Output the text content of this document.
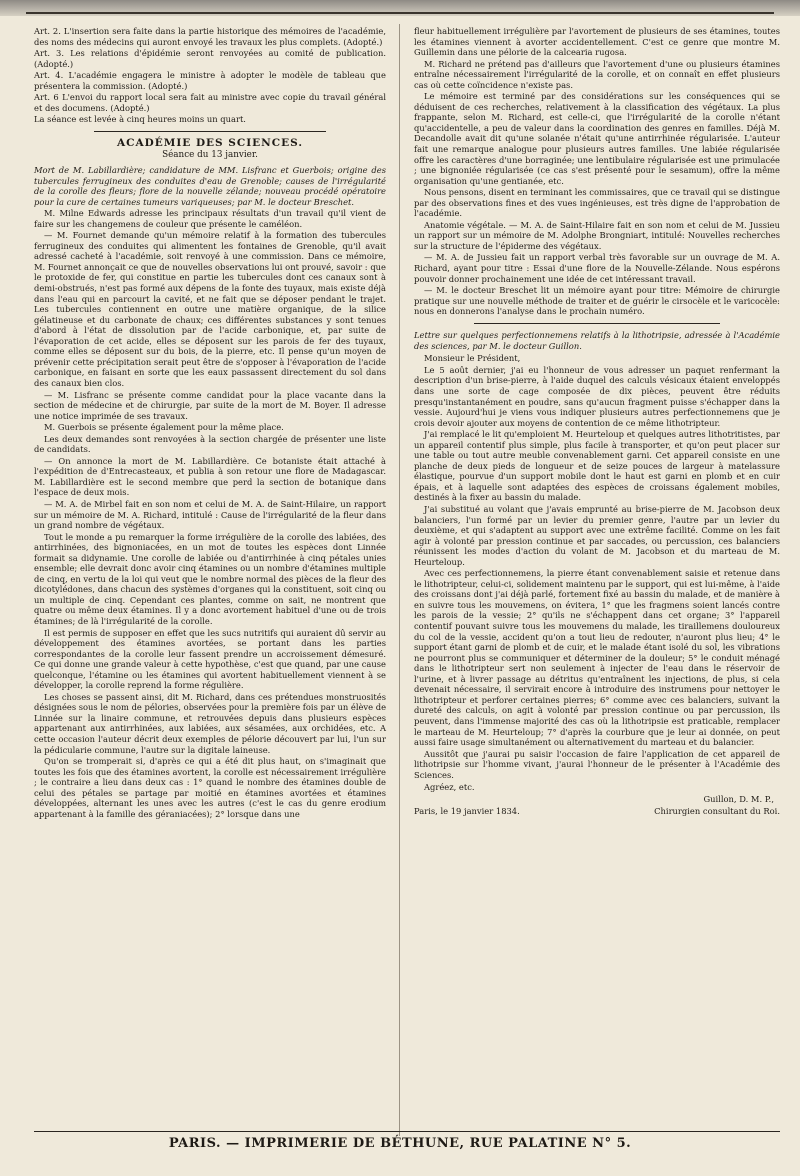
Art. 2. L'insertion sera faite dans la partie historique des mémoires de l'académie, des noms des médecins qui auront envoyé les travaux les plus complets. (Adopté.)

Art. 3. Les relations d'épidémie seront renvoyées au comité de publication. (Adopté.)

Art. 4. L'académie engagera le ministre à adopter le modèle de tableau que présentera la commission. (Adopté.)

Art. 6 L'envoi du rapport local sera fait au ministre avec copie du travail général et des documens. (Adopté.)

La séance est levée à cinq heures moins un quart.

ACADÉMIE DES SCIENCES.
Séance du 13 janvier.

Mort de M. Labillardière; candidature de MM. Lisfranc et Guerbois; origine des tubercules ferrugineux des conduites d'eau de Grenoble; causes de l'irrégularité de la corolle des fleurs; flore de la nouvelle zélande; nouveau procédé opératoire pour la cure de certaines tumeurs variqueuses; par M. le docteur Breschet.

M. Milne Edwards adresse les principaux résultats d'un travail qu'il vient de faire sur les changemens de couleur que présente le caméléon.

— M. Fournet demande qu'un mémoire relatif à la formation des tubercules ferrugineux des conduites qui alimentent les fontaines de Grenoble, qu'il avait adressé cacheté à l'académie, soit renvoyé à une commission. Dans ce mémoire, M. Fournet annonçait ce que de nouvelles observations lui ont prouvé, savoir : que le protoxide de fer, qui constitue en partie les tubercules dont ces canaux sont à demi-obstrués, n'est pas formé aux dépens de la fonte des tuyaux, mais existe déjà dans l'eau qui en parcourt la cavité, et ne fait que se déposer pendant le trajet. Les tubercules contiennent en outre une matière organique, de la silice gélatineuse et du carbonate de chaux; ces différentes substances y sont tenues d'abord à l'état de dissolution par de l'acide carbonique, et, par suite de l'évaporation de cet acide, elles se déposent sur les parois de fer des tuyaux, comme elles se déposent sur du bois, de la pierre, etc. Il pense qu'un moyen de prévenir cette précipitation serait peut être de s'opposer à l'évaporation de l'acide carbonique, en faisant en sorte que les eaux passassent directement du sol dans des canaux bien clos.

— M. Lisfranc se présente comme candidat pour la place vacante dans la section de médecine et de chirurgie, par suite de la mort de M. Boyer. Il adresse une notice imprimée de ses travaux.

M. Guerbois se présente également pour la même place.

Les deux demandes sont renvoyées à la section chargée de présenter une liste de candidats.

— On annonce la mort de M. Labillardière. Ce botaniste était attaché à l'expédition de d'Entrecasteaux, et publia à son retour une flore de Madagascar. M. Labillardière est le second membre que perd la section de botanique dans l'espace de deux mois.

— M. A. de Mirbel fait en son nom et celui de M. A. de Saint-Hilaire, un rapport sur un mémoire de M. A. Richard, intitulé : Cause de l'irrégularité de la fleur dans un grand nombre de végétaux.

Tout le monde a pu remarquer la forme irrégulière de la corolle des labiées, des antirrhinées, des bignoniacées, en un mot de toutes les espèces dont Linnée formait sa didynamie. Une corolle de labiée ou d'antirrhinée à cinq pétales unies ensemble; elle devrait donc avoir cinq étamines ou un nombre d'étamines multiple de cinq, en vertu de la loi qui veut que le nombre normal des pièces de la fleur des dicotylédones, dans chacun des systèmes d'organes qui la constituent, soit cinq ou un multiple de cinq. Cependant ces plantes, comme on sait, ne montrent que quatre ou même deux étamines. Il y a donc avortement habituel d'une ou de trois étamines; de là l'irrégularité de la corolle.

Il est permis de supposer en effet que les sucs nutritifs qui auraient dû servir au développement des étamines avortées, se portant dans les parties correspondantes de la corolle leur fassent prendre un accroissement démesuré. Ce qui donne une grande valeur à cette hypothèse, c'est que quand, par une cause quelconque, l'étamine ou les étamines qui avortent habituellement viennent à se développer, la corolle reprend la forme régulière.

Les choses se passent ainsi, dit M. Richard, dans ces prétendues monstruosités désignées sous le nom de pélories, observées pour la première fois par un élève de Linnée sur la linaire commune, et retrouvées depuis dans plusieurs espèces appartenant aux antirrhinées, aux labiées, aux sésamées, aux orchidées, etc. A cette occasion l'auteur décrit deux exemples de pélorie découvert par lui, l'un sur la pédicularie commune, l'autre sur la digitale laineuse.

Qu'on se tromperait si, d'après ce qui a été dit plus haut, on s'imaginait que toutes les fois que des étamines avortent, la corolle est nécessairement irrégulière ; le contraire a lieu dans deux cas : 1° quand le nombre des étamines double de celui des pétales se partage par moitié en étamines avortées et étamines développées, alternant les unes avec les autres (c'est le cas du genre erodium appartenant à la famille des géraniacées); 2° lorsque dans une

fleur habituellement irrégulière par l'avortement de plusieurs de ses étamines, toutes les étamines viennent à avorter accidentellement. C'est ce genre que montre M. Guillemin dans une pélorie de la calcearia rugosa.

M. Richard ne prétend pas d'ailleurs que l'avortement d'une ou plusieurs étamines entraîne nécessairement l'irrégularité de la corolle, et on connaît en effet plusieurs cas où cette coïncidence n'existe pas.

Le mémoire est terminé par des considérations sur les conséquences qui se déduisent de ces recherches, relativement à la classification des végétaux. La plus frappante, selon M. Richard, est celle-ci, que l'irrégularité de la corolle n'étant qu'accidentelle, a peu de valeur dans la coordination des genres en familles. Déjà M. Decandolle avait dit qu'une solanée n'était qu'une antirrhinée régularisée. L'auteur fait une remarque analogue pour plusieurs autres familles. Une labiée régularisée offre les caractères d'une borraginée; une lentibulaire régularisée est une primulacée ; une bignoniée régularisée (ce cas s'est présenté pour le sesamum), offre la même organisation qu'une gentianée, etc.

Nous pensons, disent en terminant les commissaires, que ce travail qui se distingue par des observations fines et des vues ingénieuses, est très digne de l'approbation de l'académie.

Anatomie végétale. — M. A. de Saint-Hilaire fait en son nom et celui de M. Jussieu un rapport sur un mémoire de M. Adolphe Brongniart, intitulé: Nouvelles recherches sur la structure de l'épiderme des végétaux.

— M. A. de Jussieu fait un rapport verbal très favorable sur un ouvrage de M. A. Richard, ayant pour titre : Essai d'une flore de la Nouvelle-Zélande. Nous espérons pouvoir donner prochainement une idée de cet intéressant travail.

— M. le docteur Breschet lit un mémoire ayant pour titre: Mémoire de chirurgie pratique sur une nouvelle méthode de traiter et de guérir le cirsocèle et le varicocèle: nous en donnerons l'analyse dans le prochain numéro.

Lettre sur quelques perfectionnemens relatifs à la lithotripsie, adressée à l'Académie des sciences, par M. le docteur Guillon.

Monsieur le Président,

Le 5 août dernier, j'ai eu l'honneur de vous adresser un paquet renfermant la description d'un brise-pierre, à l'aide duquel des calculs vésicaux étaient enveloppés dans une sorte de cage composée de dix pièces, peuvent être réduits presqu'instantanément en poudre, sans qu'aucun fragment puisse s'échapper dans la vessie. Aujourd'hui je viens vous indiquer plusieurs autres perfectionnemens que je crois devoir ajouter aux moyens de contention de ce même lithotripteur.

J'ai remplacé le lit qu'emploient M. Heurteloup et quelques autres lithotritistes, par un appareil contentif plus simple, plus facile à transporter, et qu'on peut placer sur une table ou tout autre meuble convenablement garni. Cet appareil consiste en une planche de deux pieds de longueur et de seize pouces de largeur à matelassure élastique, pourvue d'un support mobile dont le haut est garni en plomb et en cuir épais, et à laquelle sont adaptées des espèces de croissans également mobiles, destinés à la fixer au bassin du malade.

J'ai substitué au volant que j'avais emprunté au brise-pierre de M. Jacobson deux balanciers, l'un formé par un levier du premier genre, l'autre par un levier du deuxième, et qui s'adaptent au support avec une extrême facilité. Comme on les fait agir à volonté par pression continue et par saccades, ou percussion, ces balanciers réunissent les modes d'action du volant de M. Jacobson et du marteau de M. Heurteloup.

Avec ces perfectionnemens, la pierre étant convenablement saisie et retenue dans le lithotripteur, celui-ci, solidement maintenu par le support, qui est lui-même, à l'aide des croissans dont j'ai déjà parlé, fortement fixé au bassin du malade, et de manière à en suivre tous les mouvemens, on évitera, 1° que les fragmens soient lancés contre les parois de la vessie; 2° qu'ils ne s'échappent dans cet organe; 3° l'appareil contentif pouvant suivre tous les mouvemens du malade, les tiraillemens douloureux du col de la vessie, accident qu'on a tout lieu de redouter, n'auront plus lieu; 4° le support étant garni de plomb et de cuir, et le malade étant isolé du sol, les vibrations ne pourront plus se communiquer et déterminer de la douleur; 5° le conduit ménagé dans le lithotripteur sert non seulement à injecter de l'eau dans le réservoir de l'urine, et à livrer passage au détritus qu'entraînent les injections, de plus, si cela devenait nécessaire, il servirait encore à introduire des instrumens pour nettoyer le lithotripteur et perforer certaines pierres; 6° comme avec ces balanciers, suivant la dureté des calculs, on agit à volonté par pression continue ou par percussion, ils peuvent, dans l'immense majorité des cas où la lithotripsie est praticable, remplacer le marteau de M. Heurteloup; 7° d'après la courbure que je leur ai donnée, on peut aussi faire usage simultanément ou alternativement du marteau et du balancier.

Aussitôt que j'aurai pu saisir l'occasion de faire l'application de cet appareil de lithotripsie sur l'homme vivant, j'aurai l'honneur de le présenter à l'Académie des Sciences.

Agréez, etc.

Guillon, D. M. P.,
Paris, le 19 janvier 1834.	Chirurgien consultant du Roi.
PARIS. — IMPRIMERIE DE BÉTHUNE, RUE PALATINE N° 5.
